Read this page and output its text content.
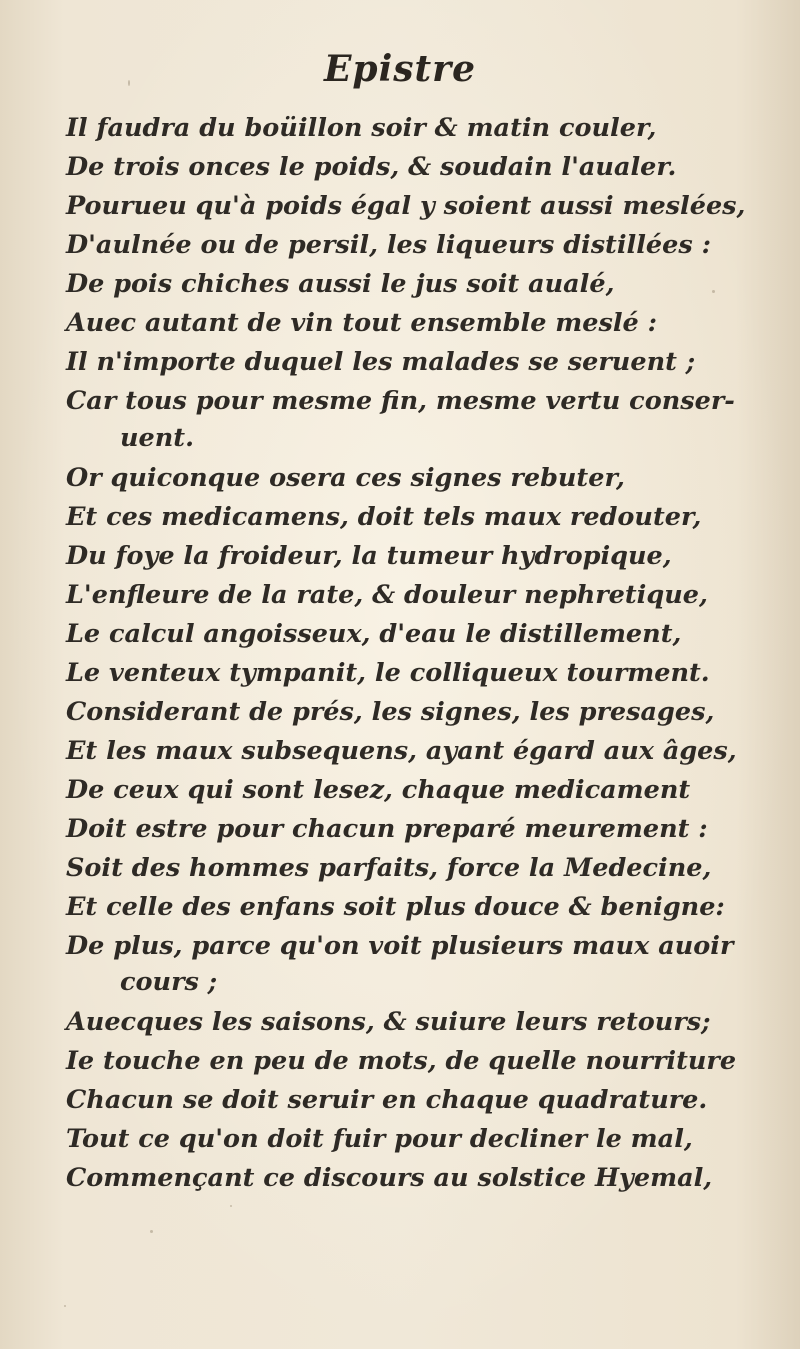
Epistre
Il faudra du boüillon soir & matin couler,
De trois onces le poids, & soudain l'aualer.
Pourueu qu'à poids égal y soient aussi meslées,
D'aulnée ou de persil, les liqueurs distillées :
De pois chiches aussi le jus soit aualé,
Auec autant de vin tout ensemble meslé :
Il n'importe duquel les malades se seruent ;
Car tous pour mesme fin, mesme vertu conser-
uent.
Or quiconque osera ces signes rebuter,
Et ces medicamens, doit tels maux redouter,
Du foye la froideur, la tumeur hydropique,
L'enfleure de la rate, & douleur nephretique,
Le calcul angoisseux, d'eau le distillement,
Le venteux tympanit, le colliqueux tourment.
Considerant de prés, les signes, les presages,
Et les maux subsequens, ayant égard aux âges,
De ceux qui sont lesez, chaque medicament
Doit estre pour chacun preparé meurement :
Soit des hommes parfaits, force la Medecine,
Et celle des enfans soit plus douce & benigne:
De plus, parce qu'on voit plusieurs maux auoir
cours ;
Auecques les saisons, & suiure leurs retours;
Ie touche en peu de mots, de quelle nourriture
Chacun se doit seruir en chaque quadrature.
Tout ce qu'on doit fuir pour decliner le mal,
Commençant ce discours au solstice Hyemal,
